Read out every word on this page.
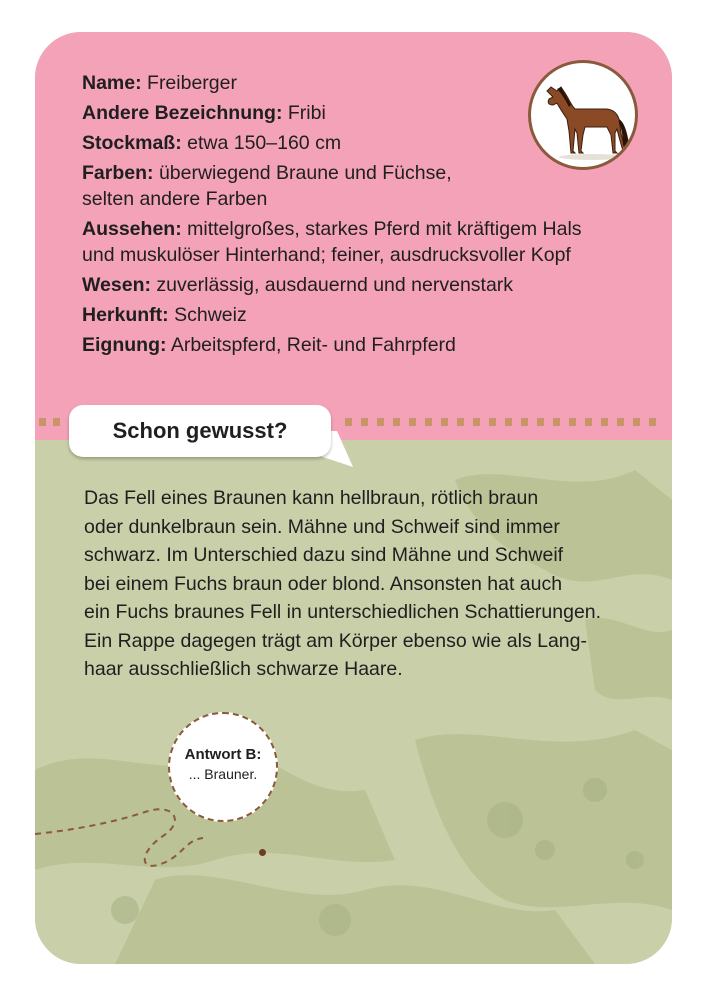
Name: Freiberger
Andere Bezeichnung: Fribi
Stockmaß: etwa 150–160 cm
Farben: überwiegend Braune und Füchse,
selten andere Farben
Aussehen: mittelgroßes, starkes Pferd mit kräftigem Hals
und muskulöser Hinterhand; feiner, ausdrucksvoller Kopf
Wesen: zuverlässig, ausdauernd und nervenstark
Herkunft: Schweiz
Eignung: Arbeitspferd, Reit- und Fahrpferd
Schon gewusst?
Das Fell eines Braunen kann hellbraun, rötlich braun
oder dunkelbraun sein. Mähne und Schweif sind immer
schwarz. Im Unterschied dazu sind Mähne und Schweif
bei einem Fuchs braun oder blond. Ansonsten hat auch
ein Fuchs braunes Fell in unterschiedlichen Schattierungen.
Ein Rappe dagegen trägt am Körper ebenso wie als Lang-
haar ausschließlich schwarze Haare.
Antwort B:
... Brauner.
